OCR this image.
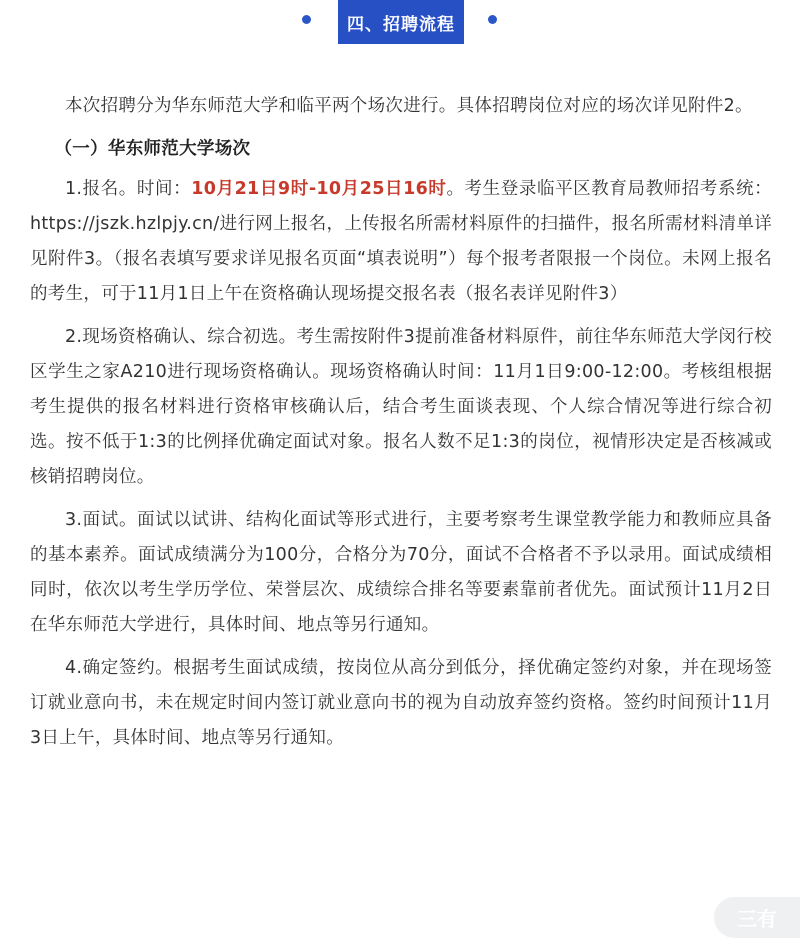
四、招聘流程

本次招聘分为华东师范大学和临平两个场次进行。具体招聘岗位对应的场次详见附件2。

（一）华东师范大学场次

1.报名。时间：10月21日9时-10月25日16时。考生登录临平区教育局教师招考系统：https://jszk.hzlpjy.cn/进行网上报名，上传报名所需材料原件的扫描件，报名所需材料清单详见附件3。（报名表填写要求详见报名页面“填表说明”）每个报考者限报一个岗位。未网上报名的考生，可于11月1日上午在资格确认现场提交报名表（报名表详见附件3）

2.现场资格确认、综合初选。考生需按附件3提前准备材料原件，前往华东师范大学闵行校区学生之家A210进行现场资格确认。现场资格确认时间：11月1日9:00-12:00。考核组根据考生提供的报名材料进行资格审核确认后，结合考生面谈表现、个人综合情况等进行综合初选。按不低于1:3的比例择优确定面试对象。报名人数不足1:3的岗位，视情形决定是否核减或核销招聘岗位。

3.面试。面试以试讲、结构化面试等形式进行，主要考察考生课堂教学能力和教师应具备的基本素养。面试成绩满分为100分，合格分为70分，面试不合格者不予以录用。面试成绩相同时，依次以考生学历学位、荣誉层次、成绩综合排名等要素靠前者优先。面试预计11月2日在华东师范大学进行，具体时间、地点等另行通知。

4.确定签约。根据考生面试成绩，按岗位从高分到低分，择优确定签约对象，并在现场签订就业意向书，未在规定时间内签订就业意向书的视为自动放弃签约资格。签约时间预计11月3日上午，具体时间、地点等另行通知。

三有
